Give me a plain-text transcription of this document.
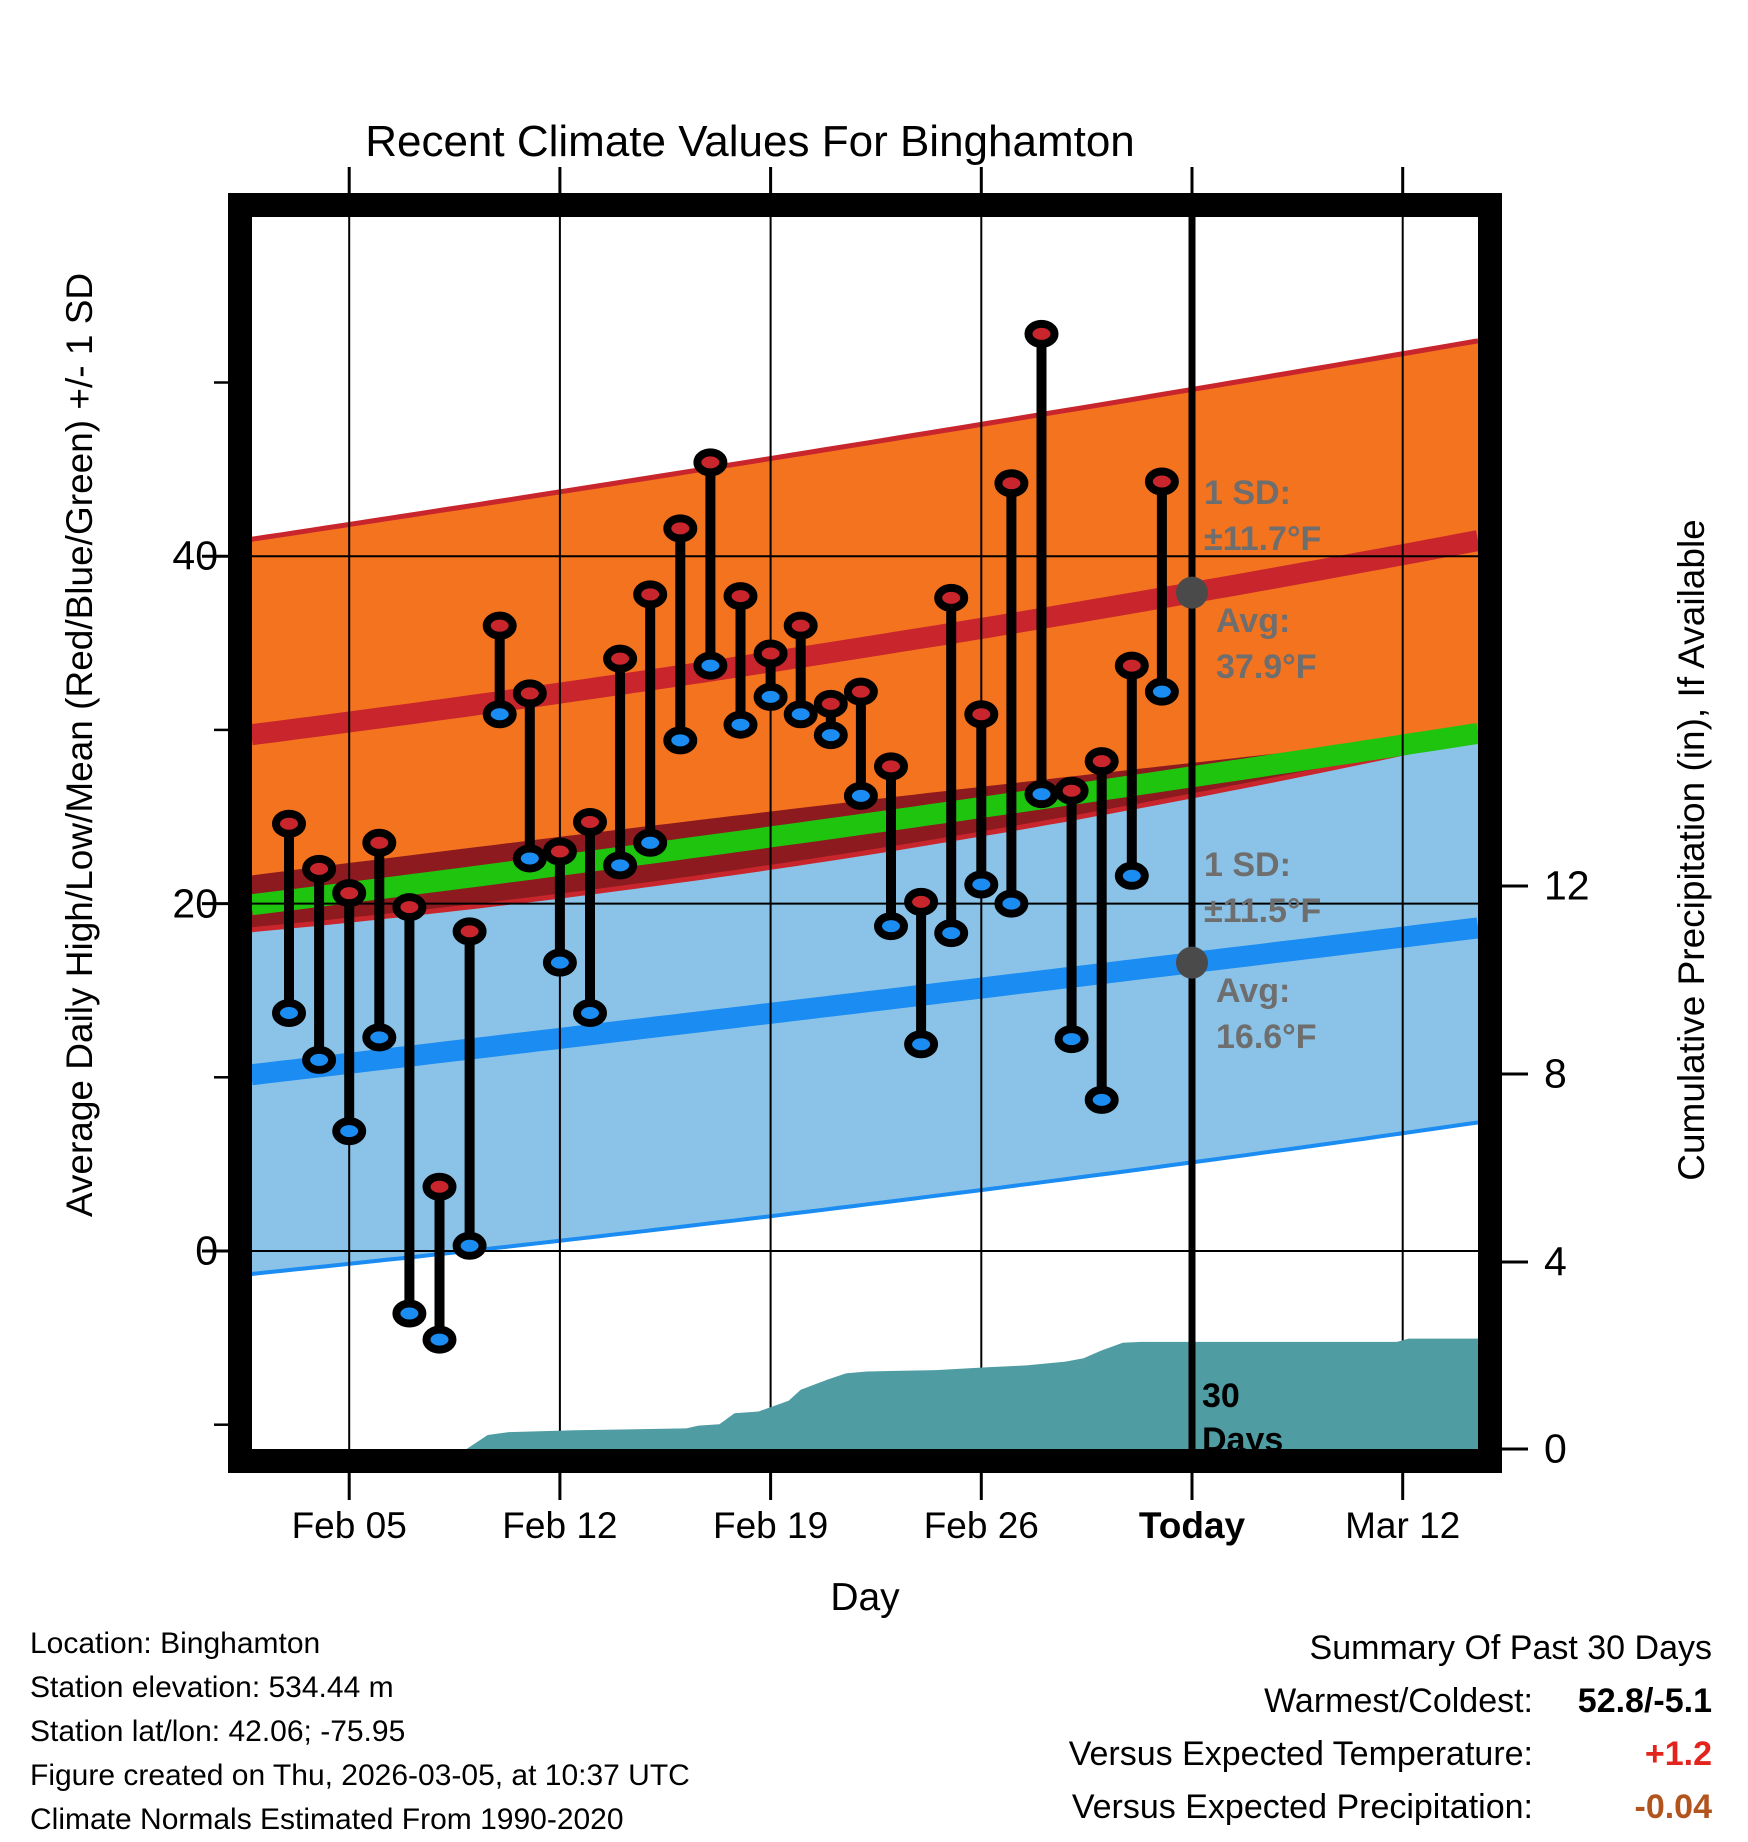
Recent Climate Values For Binghamton
Average Daily High/Low/Mean (Red/Blue/Green) +/- 1 SD	Cumulative Precipitation (in), If Available
Day
1 SD:
±11.7°F
Avg:
37.9°F
1 SD:
±11.5°F
Avg:
16.6°F
30
Days
Location: Binghamton
Station elevation: 534.44 m
Station lat/lon: 42.06; -75.95
Figure created on Thu, 2026-03-05, at 10:37 UTC
Climate Normals Estimated From 1990-2020
Summary Of Past 30 Days
Warmest/Coldest:	52.8/-5.1
Versus Expected Temperature:	+1.2
Versus Expected Precipitation:	-0.04
Feb 05	Feb 12	Feb 19	Feb 26	Today	Mar 12
0
20
40
0
4
8
12
